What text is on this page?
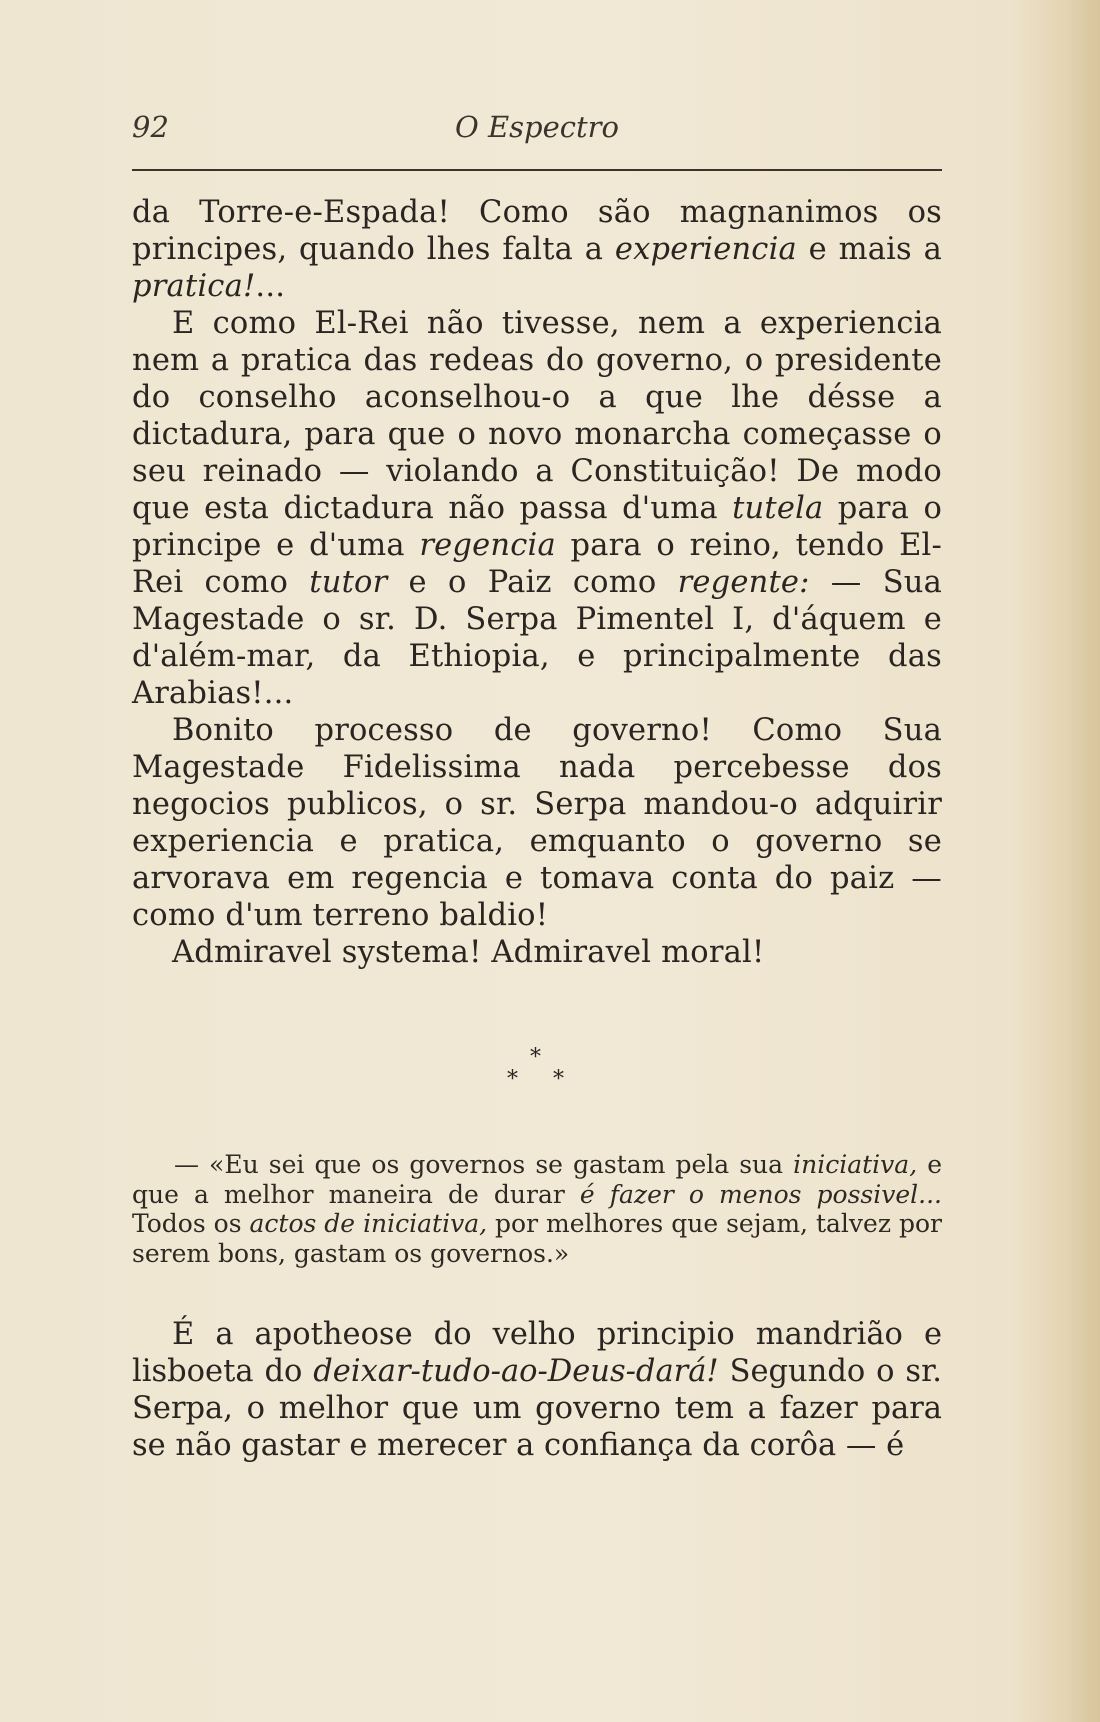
92	O Espectro

da Torre-e-Espada! Como são magnanimos os principes, quando lhes falta a experiencia e mais a pratica!...

E como El-Rei não tivesse, nem a experiencia nem a pratica das redeas do governo, o presidente do conselho aconselhou-o a que lhe désse a dictadura, para que o novo monarcha começasse o seu reinado — violando a Constituição! De modo que esta dictadura não passa d'uma tutela para o principe e d'uma regencia para o reino, tendo El-Rei como tutor e o Paiz como regente: — Sua Magestade o sr. D. Serpa Pimentel I, d'áquem e d'além-mar, da Ethiopia, e principalmente das Arabias!...

Bonito processo de governo! Como Sua Magestade Fidelissima nada percebesse dos negocios publicos, o sr. Serpa mandou-o adquirir experiencia e pratica, emquanto o governo se arvorava em regencia e tomava conta do paiz — como d'um terreno baldio!

Admiravel systema! Admiravel moral!

*
* *

— «Eu sei que os governos se gastam pela sua iniciativa, e que a melhor maneira de durar é fazer o menos possivel... Todos os actos de iniciativa, por melhores que sejam, talvez por serem bons, gastam os governos.»

É a apotheose do velho principio mandrião e lisboeta do deixar-tudo-ao-Deus-dará! Segundo o sr. Serpa, o melhor que um governo tem a fazer para se não gastar e merecer a confiança da corôa — é
